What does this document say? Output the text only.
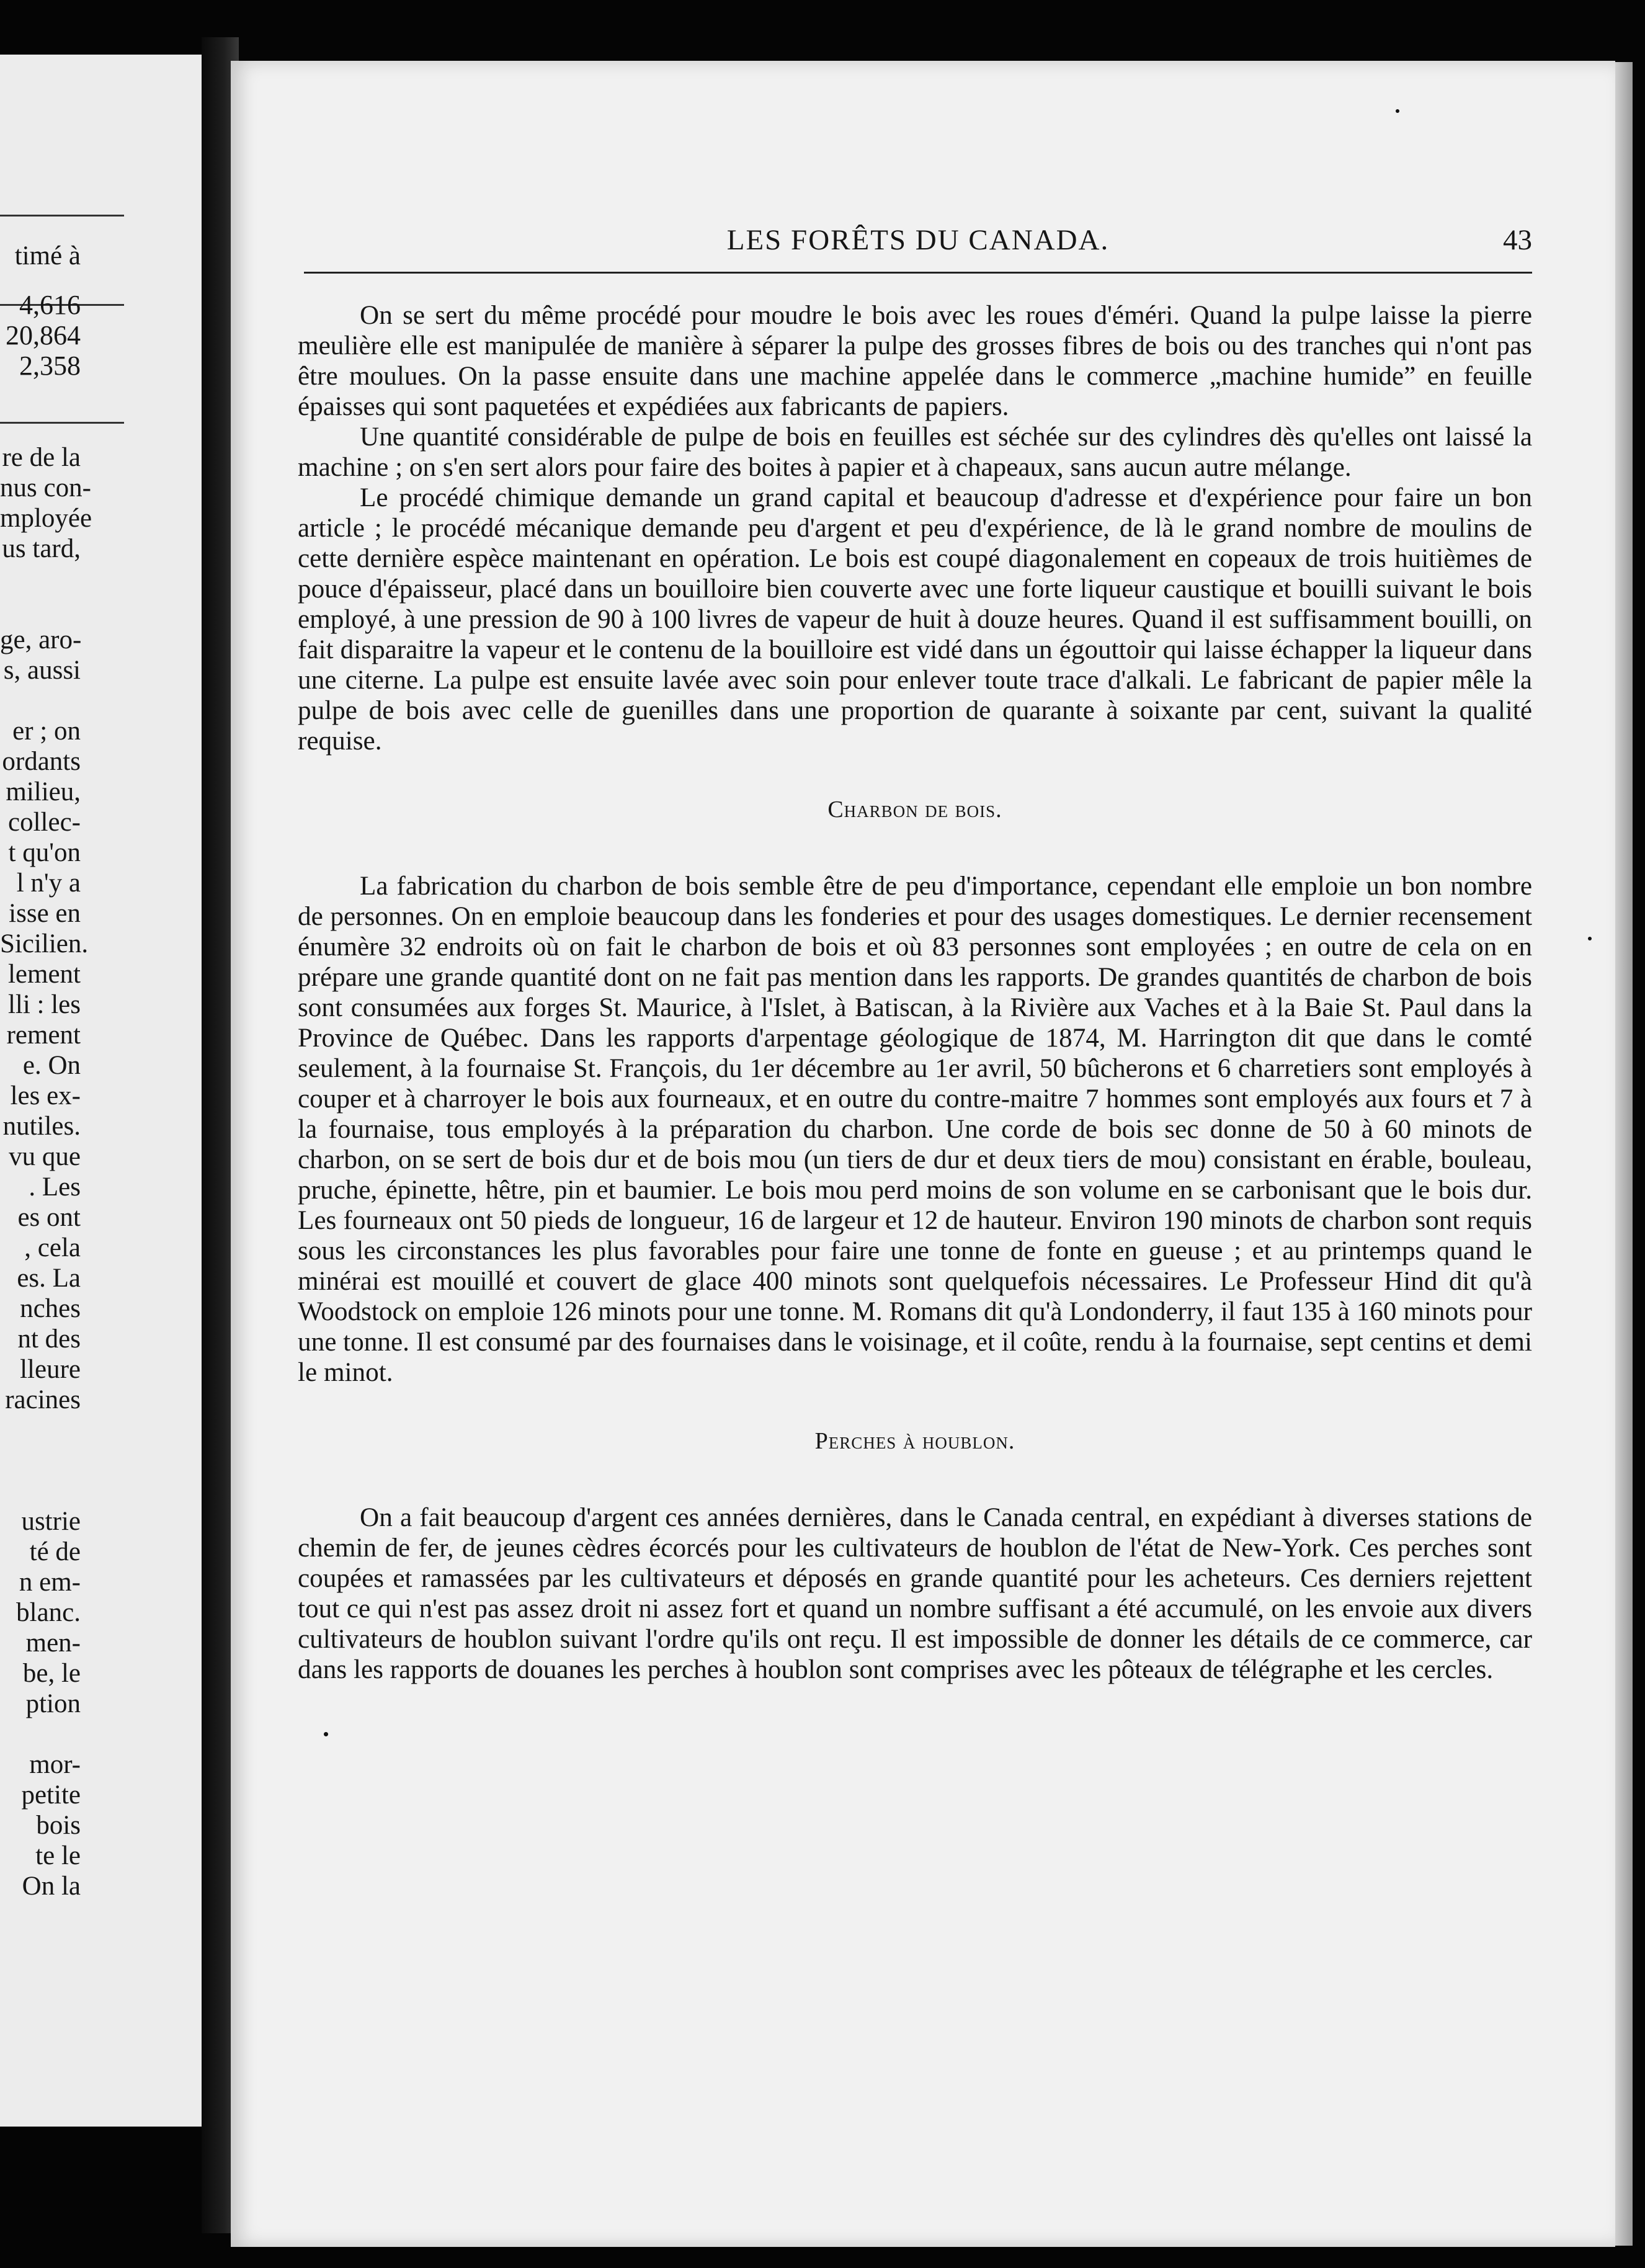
timé à
4,616
20,864
2,358
re de la
nus con-
mployée
us tard,
ge, aro-
s, aussi
er ; on
ordants
milieu,
collec-
t qu'on
l n'y a
isse en
Sicilien.
lement
lli : les
rement
e. On
les ex-
nutiles.
vu que
. Les
es ont
, cela
es. La
nches
nt des
lleure
racines
ustrie
té de
n em-
blanc.
men-
be, le
ption
mor-
petite
bois
te le
On la
LES FORÊTS DU CANADA.	43

On se sert du même procédé pour moudre le bois avec les roues d'éméri. Quand la pulpe laisse la pierre meulière elle est manipulée de manière à séparer la pulpe des grosses fibres de bois ou des tranches qui n'ont pas être moulues. On la passe ensuite dans une machine appelée dans le commerce „machine humide” en feuille épaisses qui sont paquetées et expédiées aux fabricants de papiers.

Une quantité considérable de pulpe de bois en feuilles est séchée sur des cylindres dès qu'elles ont laissé la machine ; on s'en sert alors pour faire des boites à papier et à chapeaux, sans aucun autre mélange.

Le procédé chimique demande un grand capital et beaucoup d'adresse et d'expérience pour faire un bon article ; le procédé mécanique demande peu d'argent et peu d'expérience, de là le grand nombre de moulins de cette dernière espèce maintenant en opération. Le bois est coupé diagonalement en copeaux de trois huitièmes de pouce d'épaisseur, placé dans un bouilloire bien couverte avec une forte liqueur caustique et bouilli suivant le bois employé, à une pression de 90 à 100 livres de vapeur de huit à douze heures. Quand il est suffisamment bouilli, on fait disparaitre la vapeur et le contenu de la bouilloire est vidé dans un égouttoir qui laisse échapper la liqueur dans une citerne. La pulpe est ensuite lavée avec soin pour enlever toute trace d'alkali. Le fabricant de papier mêle la pulpe de bois avec celle de guenilles dans une proportion de quarante à soixante par cent, suivant la qualité requise.

Charbon de bois.

La fabrication du charbon de bois semble être de peu d'importance, cependant elle emploie un bon nombre de personnes. On en emploie beaucoup dans les fonderies et pour des usages domestiques. Le dernier recensement énumère 32 endroits où on fait le charbon de bois et où 83 personnes sont employées ; en outre de cela on en prépare une grande quantité dont on ne fait pas mention dans les rapports. De grandes quantités de charbon de bois sont consumées aux forges St. Maurice, à l'Islet, à Batiscan, à la Rivière aux Vaches et à la Baie St. Paul dans la Province de Québec. Dans les rapports d'arpentage géologique de 1874, M. Harrington dit que dans le comté seulement, à la fournaise St. François, du 1er décembre au 1er avril, 50 bûcherons et 6 charretiers sont employés à couper et à charroyer le bois aux fourneaux, et en outre du contre-maitre 7 hommes sont employés aux fours et 7 à la fournaise, tous employés à la préparation du charbon. Une corde de bois sec donne de 50 à 60 minots de charbon, on se sert de bois dur et de bois mou (un tiers de dur et deux tiers de mou) consistant en érable, bouleau, pruche, épinette, hêtre, pin et baumier. Le bois mou perd moins de son volume en se carbonisant que le bois dur. Les fourneaux ont 50 pieds de longueur, 16 de largeur et 12 de hauteur. Environ 190 minots de charbon sont requis sous les circonstances les plus favorables pour faire une tonne de fonte en gueuse ; et au printemps quand le minérai est mouillé et couvert de glace 400 minots sont quelquefois nécessaires. Le Professeur Hind dit qu'à Woodstock on emploie 126 minots pour une tonne. M. Romans dit qu'à Londonderry, il faut 135 à 160 minots pour une tonne. Il est consumé par des fournaises dans le voisinage, et il coûte, rendu à la fournaise, sept centins et demi le minot.

Perches à houblon.

On a fait beaucoup d'argent ces années dernières, dans le Canada central, en expédiant à diverses stations de chemin de fer, de jeunes cèdres écorcés pour les cultivateurs de houblon de l'état de New-York. Ces perches sont coupées et ramassées par les cultivateurs et déposés en grande quantité pour les acheteurs. Ces derniers rejettent tout ce qui n'est pas assez droit ni assez fort et quand un nombre suffisant a été accumulé, on les envoie aux divers cultivateurs de houblon suivant l'ordre qu'ils ont reçu. Il est impossible de donner les détails de ce commerce, car dans les rapports de douanes les perches à houblon sont comprises avec les pôteaux de télégraphe et les cercles.
